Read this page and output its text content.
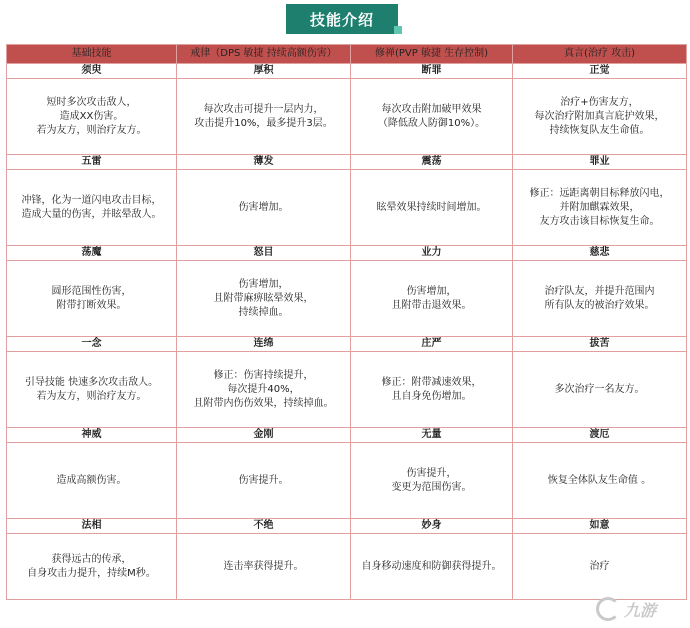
技能介绍
基础技能	戒律（DPS 敏捷 持续高额伤害）	修禅(PVP 敏捷 生存控制)	真言(治疗 攻击)
须臾	厚积	断罪	正觉
短时多次攻击敌人，
造成XX伤害。
若为友方，则治疗友方。	每次攻击可提升一层内力，
攻击提升10%，最多提升3层。	每次攻击附加破甲效果
（降低敌人防御10%）。	治疗+伤害友方，
每次治疗附加真言庇护效果，
持续恢复队友生命值。
五雷	薄发	震荡	罪业
冲锋，化为一道闪电攻击目标，
造成大量的伤害，并眩晕敌人。	伤害增加。	眩晕效果持续时间增加。	修正：远距离朝目标释放闪电，
并附加麒霖效果，
友方攻击该目标恢复生命。
荡魔	怒目	业力	慈悲
圆形范围性伤害，
附带打断效果。	伤害增加，
且附带麻痹眩晕效果，
持续掉血。	伤害增加，
且附带击退效果。	治疗队友，并提升范围内
所有队友的被治疗效果。
一念	连绵	庄严	拔苦
引导技能 快速多次攻击敌人。
若为友方，则治疗友方。	修正：伤害持续提升，
每次提升40%，
且附带内伤伤效果，持续掉血。	修正：附带减速效果，
且自身免伤增加。	多次治疗一名友方。
神威	金刚	无量	渡厄
造成高额伤害。	伤害提升。	伤害提升，
变更为范围伤害。	恢复全体队友生命值 。
法相	不绝	妙身	如意
获得远古的传承，
自身攻击力提升，持续M秒。	连击率获得提升。	自身移动速度和防御获得提升。	治疗
九游
